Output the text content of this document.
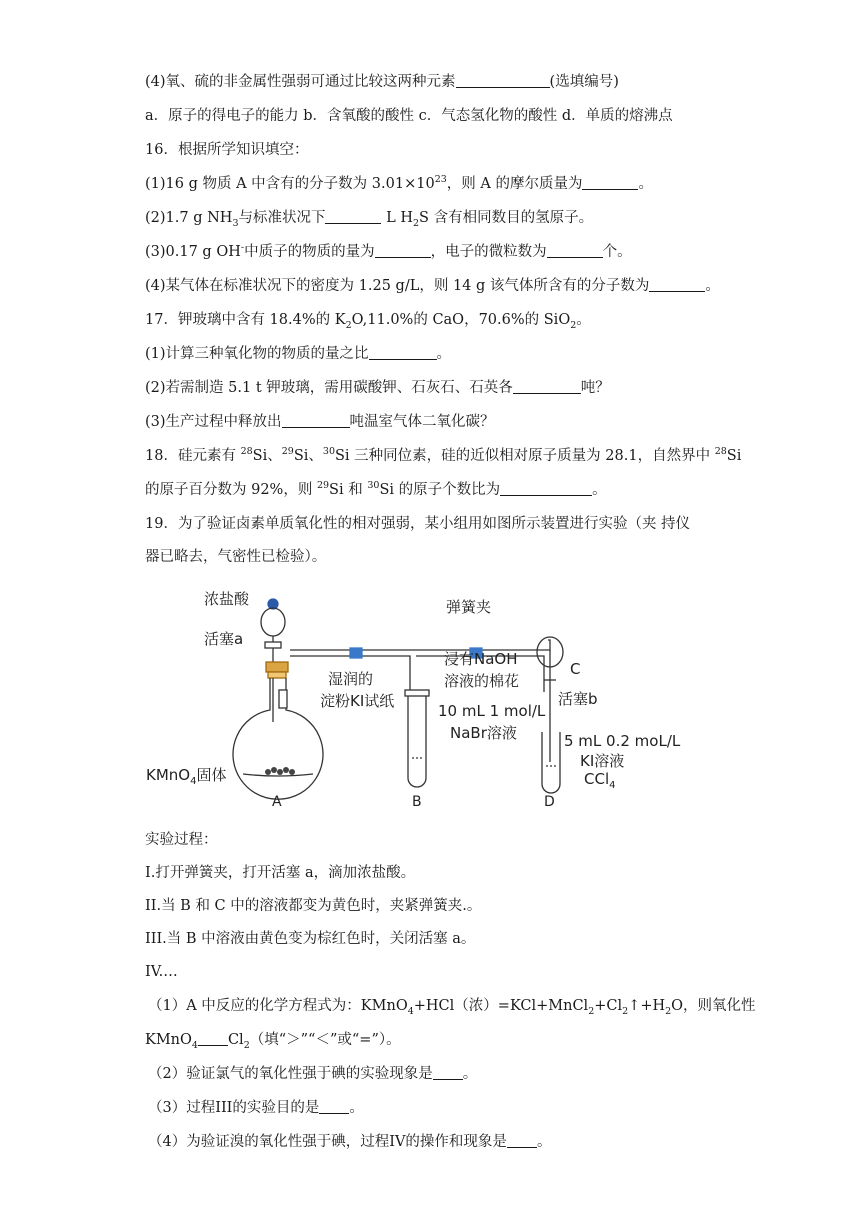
(4)氧、硫的非金属性强弱可通过比较这两种元素	(选填编号)
a．原子的得电子的能力 b．含氧酸的酸性 c．气态氢化物的酸性 d．单质的熔沸点
16．根据所学知识填空：
(1)16 g 物质 A 中含有的分子数为 $3.01\times 10^{23}$，则 A 的摩尔质量为	。
(2)1.7 g $NH_3$与标准状况下	L $H_2S$ 含有相同数目的氢原子。
(3)0.17 g OH-中质子的物质的量为	，电子的微粒数为	个。
(4)某气体在标准状况下的密度为 1.25 g/L，则 14 g 该气体所含有的分子数为	。
17．钾玻璃中含有 18.4%的 $K_2O,11.0\%$的 CaO，70.6%的 SiO$_2$。
(1)计算三种氧化物的物质的量之比	。
(2)若需制造 5.1 t 钾玻璃，需用碳酸钾、石灰石、石英各	吨？
(3)生产过程中释放出	吨温室气体二氧化碳？
18．硅元素有 $^{28}$Si、$^{29}$Si、$^{30}$Si 三种同位素，硅的近似相对原子质量为 28.1，自然界中 $^{28}$Si
的原子百分数为 92%，则 $^{29}$Si 和 $^{30}$Si 的原子个数比为	。
19．为了验证卤素单质氧化性的相对强弱，某小组用如图所示装置进行实验（夹 持仪
器已略去，气密性已检验）。
浓盐酸
活塞a
弹簧夹
湿润的
淀粉KI试纸
KMnO$_4$固体
浸有NaOH
溶液的棉花
C
活塞b
10 mL 1 mol/L
NaBr溶液	5 mL 0.2 moL/L
KI溶液
CCl$_4$
A	B	D
实验过程：
I.打开弹簧夹，打开活塞 a，滴加浓盐酸。
II.当 B 和 C 中的溶液都变为黄色时，夹紧弹簧夹.。
III.当 B 中溶液由黄色变为棕红色时，关闭活塞 a。
IV.…
（1）A 中反应的化学方程式为：KMnO$_4$+HCl（浓）$=KCl+MnCl_2+Cl_2↑+H_2O$，则氧化性
KMnO$_4$ $Cl_2$（填“＞”“＜”或“=”）。
（2）验证氯气的氧化性强于碘的实验现象是 。
（3）过程III的实验目的是 。
（4）为验证溴的氧化性强于碘，过程IV的操作和现象是 。
